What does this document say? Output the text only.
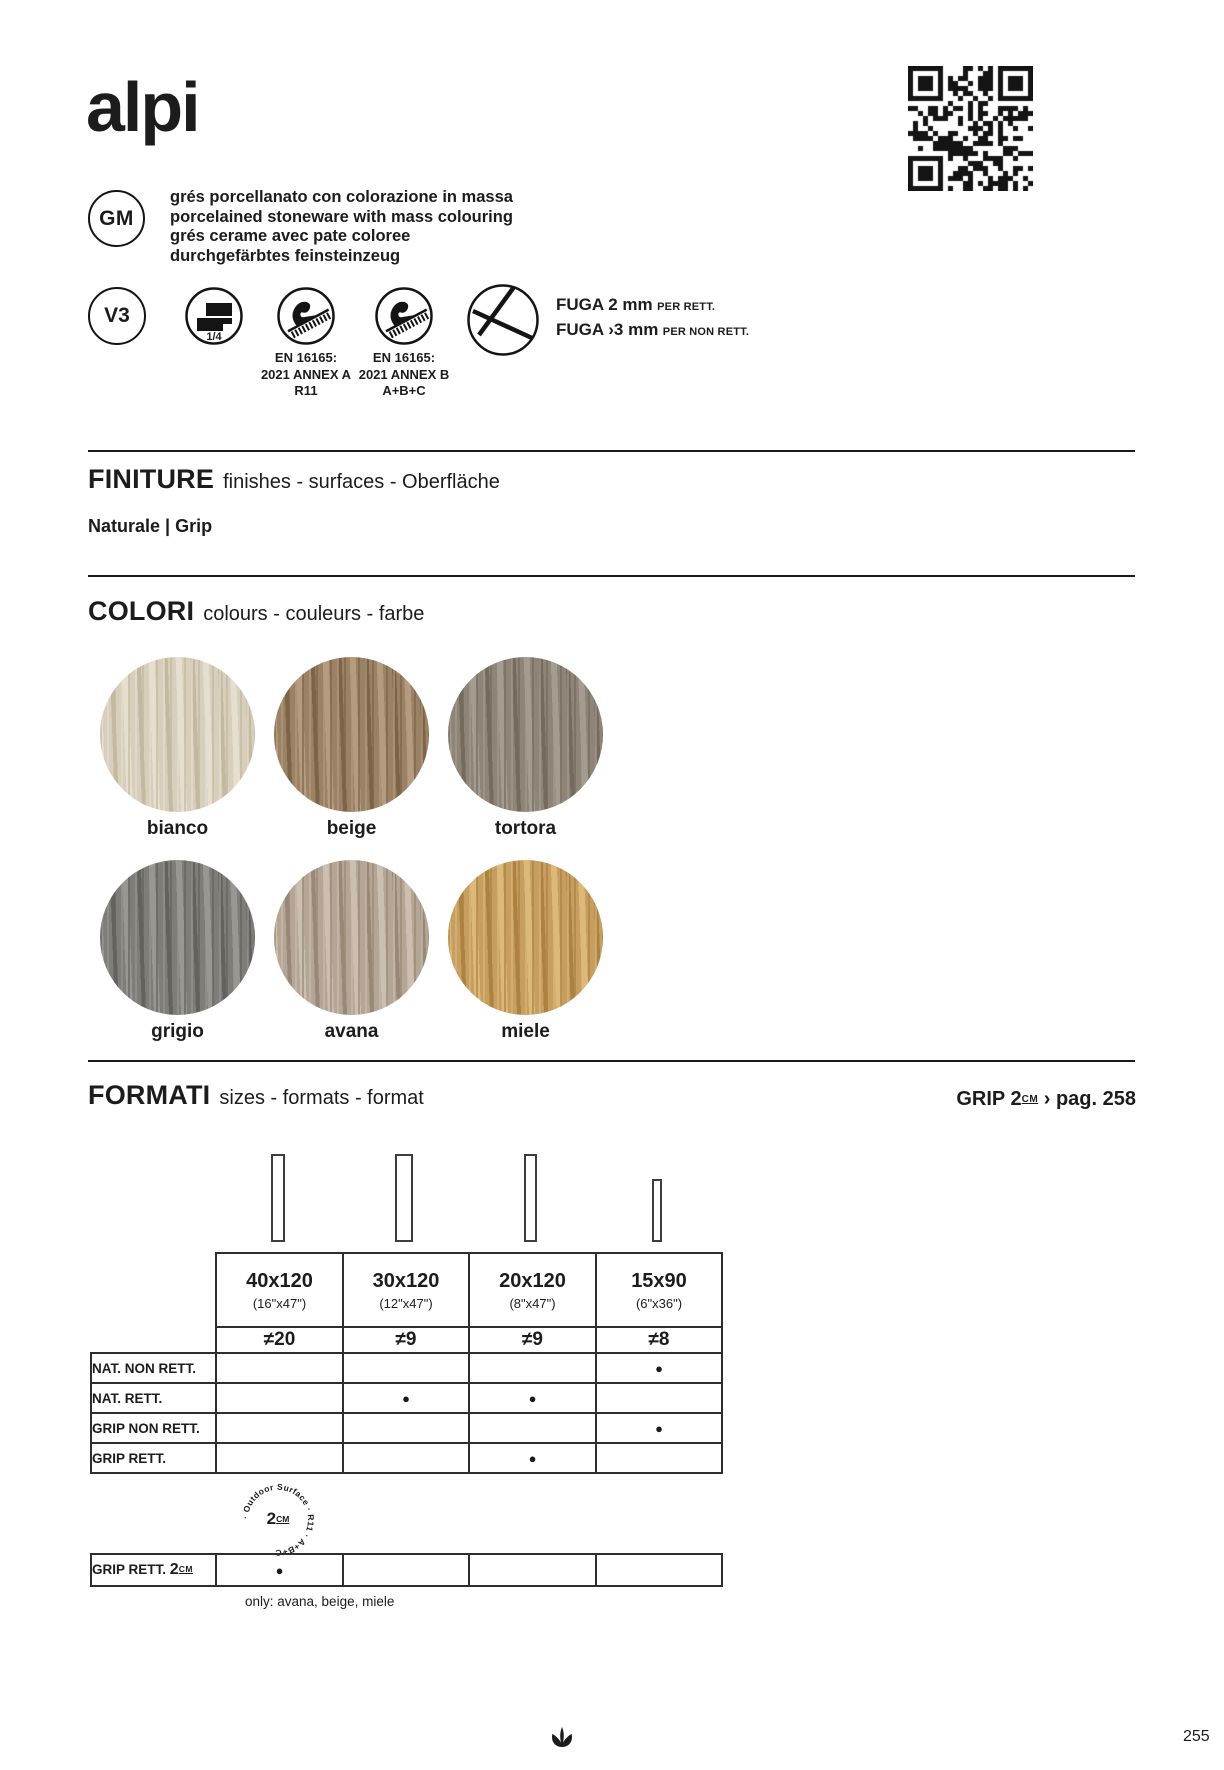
alpi
GM
grés porcellanato con colorazione in massa
porcelained stoneware with mass colouring
grés cerame avec pate coloree
durchgefärbtes feinsteinzeug
V3
1/4
EN 16165:
2021 ANNEX A
R11
EN 16165:
2021 ANNEX B
A+B+C
FUGA 2 mm PER RETT.
FUGA ›3 mm PER NON RETT.
FINITURE finishes - surfaces - Oberfläche
Naturale | Grip
COLORI colours - couleurs - farbe
bianco	beige	tortora
grigio	avana	miele
FORMATI sizes - formats - format	GRIP 2CM › pag. 258

40x120
(16"x47")

30x120
(12"x47")

20x120
(8"x47")

15x90
(6"x36")

	≠20	≠9	≠9	≠8
NAT. NON RETT.				●
NAT. RETT.		●	●	
GRIP NON RETT.				●
GRIP RETT.			●	
· Outdoor Surface · R11 · A+B+C
2 CM
GRIP RETT. 2CM	●			
only: avana, beige, miele
255
